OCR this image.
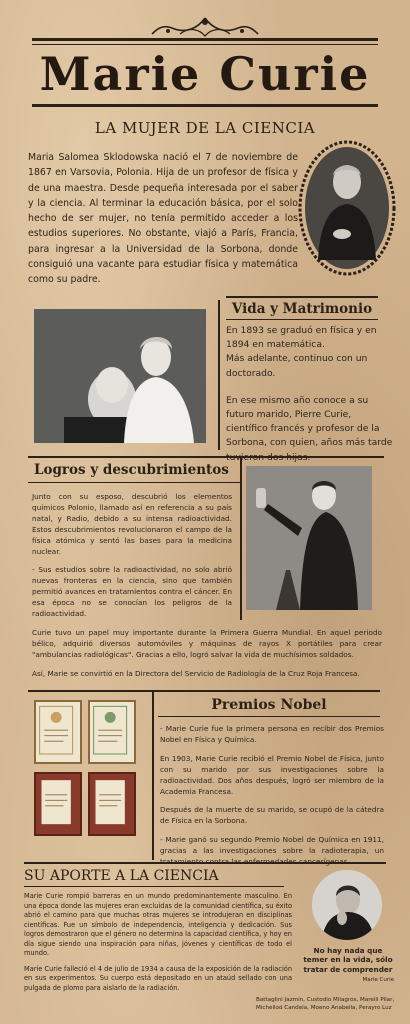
Marie Curie
LA MUJER DE LA CIENCIA

Maria Salomea Sklodowska nació el 7 de noviembre de 1867 en Varsovia, Polonia. Hija de un profesor de física y de una maestra. Desde pequeña interesada por el saber y la ciencia. Al terminar la educación básica, por el solo hecho de ser mujer, no tenía permitido acceder a los estudios superiores. No obstante, viajó a París, Francia, para ingresar a la Universidad de la Sorbona, donde consiguió una vacante para estudiar física y matemática como su padre.

Vida y Matrimonio

En 1893 se graduó en física y en 1894 en matemática.

Más adelante, continuo con un doctorado.

En ese mismo año conoce a su futuro marido, Pierre Curie, científico francés y profesor de la Sorbona, con quien, años más tarde

Logros y descubrimientos

Junto con su esposo, descubrió los elementos químicos Polonio, llamado así en referencia a su país natal, y Radio, debido a su intensa radioactividad. Estos descubrimientos revolucionaron el campo de la física atómica y sentó las bases para la medicina nuclear.

- Sus estudios sobre la radioactividad, no solo abrió nuevas fronteras en la ciencia, sino que también permitió avances en tratamientos contra el cáncer. En esa época no se conocían los peligros de la radioactividad.

Curie tuvo un papel muy importante durante la Primera Guerra Mundial. En aquel periodo bélico, adquirió diversos automóviles y máquinas de rayos X portátiles para crear "ambulancias radiológicas". Gracias a ello, logró salvar la vida de muchísimos soldados.

Así, Marie se convirtió en la Directora del Servicio de Radiología de la Cruz Roja Francesa.

Premios Nobel

- Marie Curie fue la primera persona en recibir dos Premios Nobel en Física y Química.

En 1903, Marie Curie recibió el Premio Nobel de Física, junto con su marido por sus investigaciones sobre la radioactividad. Dos años después, logró ser miembro de la Academia Francesa.

Después de la muerte de su marido, se ocupó de la cátedra de Física en la Sorbona.

- Marie ganó su segundo Premio Nobel de Química en 1911, gracias a las investigaciones sobre la radioterapia, un

SU APORTE A LA CIENCIA

Marie Curie rompió barreras en un mundo predominantemente masculino. En una época donde las mujeres eran excluidas de la comunidad científica, su éxito abrió el camino para que muchas otras mujeres se introdujeran en disciplinas científicas. Fue un símbolo de independencia, inteligencia y dedicación. Sus logros demostraron que el género no determina la capacidad científica, y hoy en día sigue siendo una inspiración para niñas, jóvenes y científicas de todo el mundo.

Marie Curie falleció el 4 de julio de 1934 a causa de la exposición de la radiación en sus experimentos. Su cuerpo está depositado en un ataúd sellado con una pulgada de plomo para aislarlo de la radiación.

No hay nada que temer en la vida, sólo tratar de comprender
Marie Curie
Battaglini Jazmín, Custodio Milagros, Mareili Pilar, Michellod Candela, Moeno Anabella, Perayro Luz
